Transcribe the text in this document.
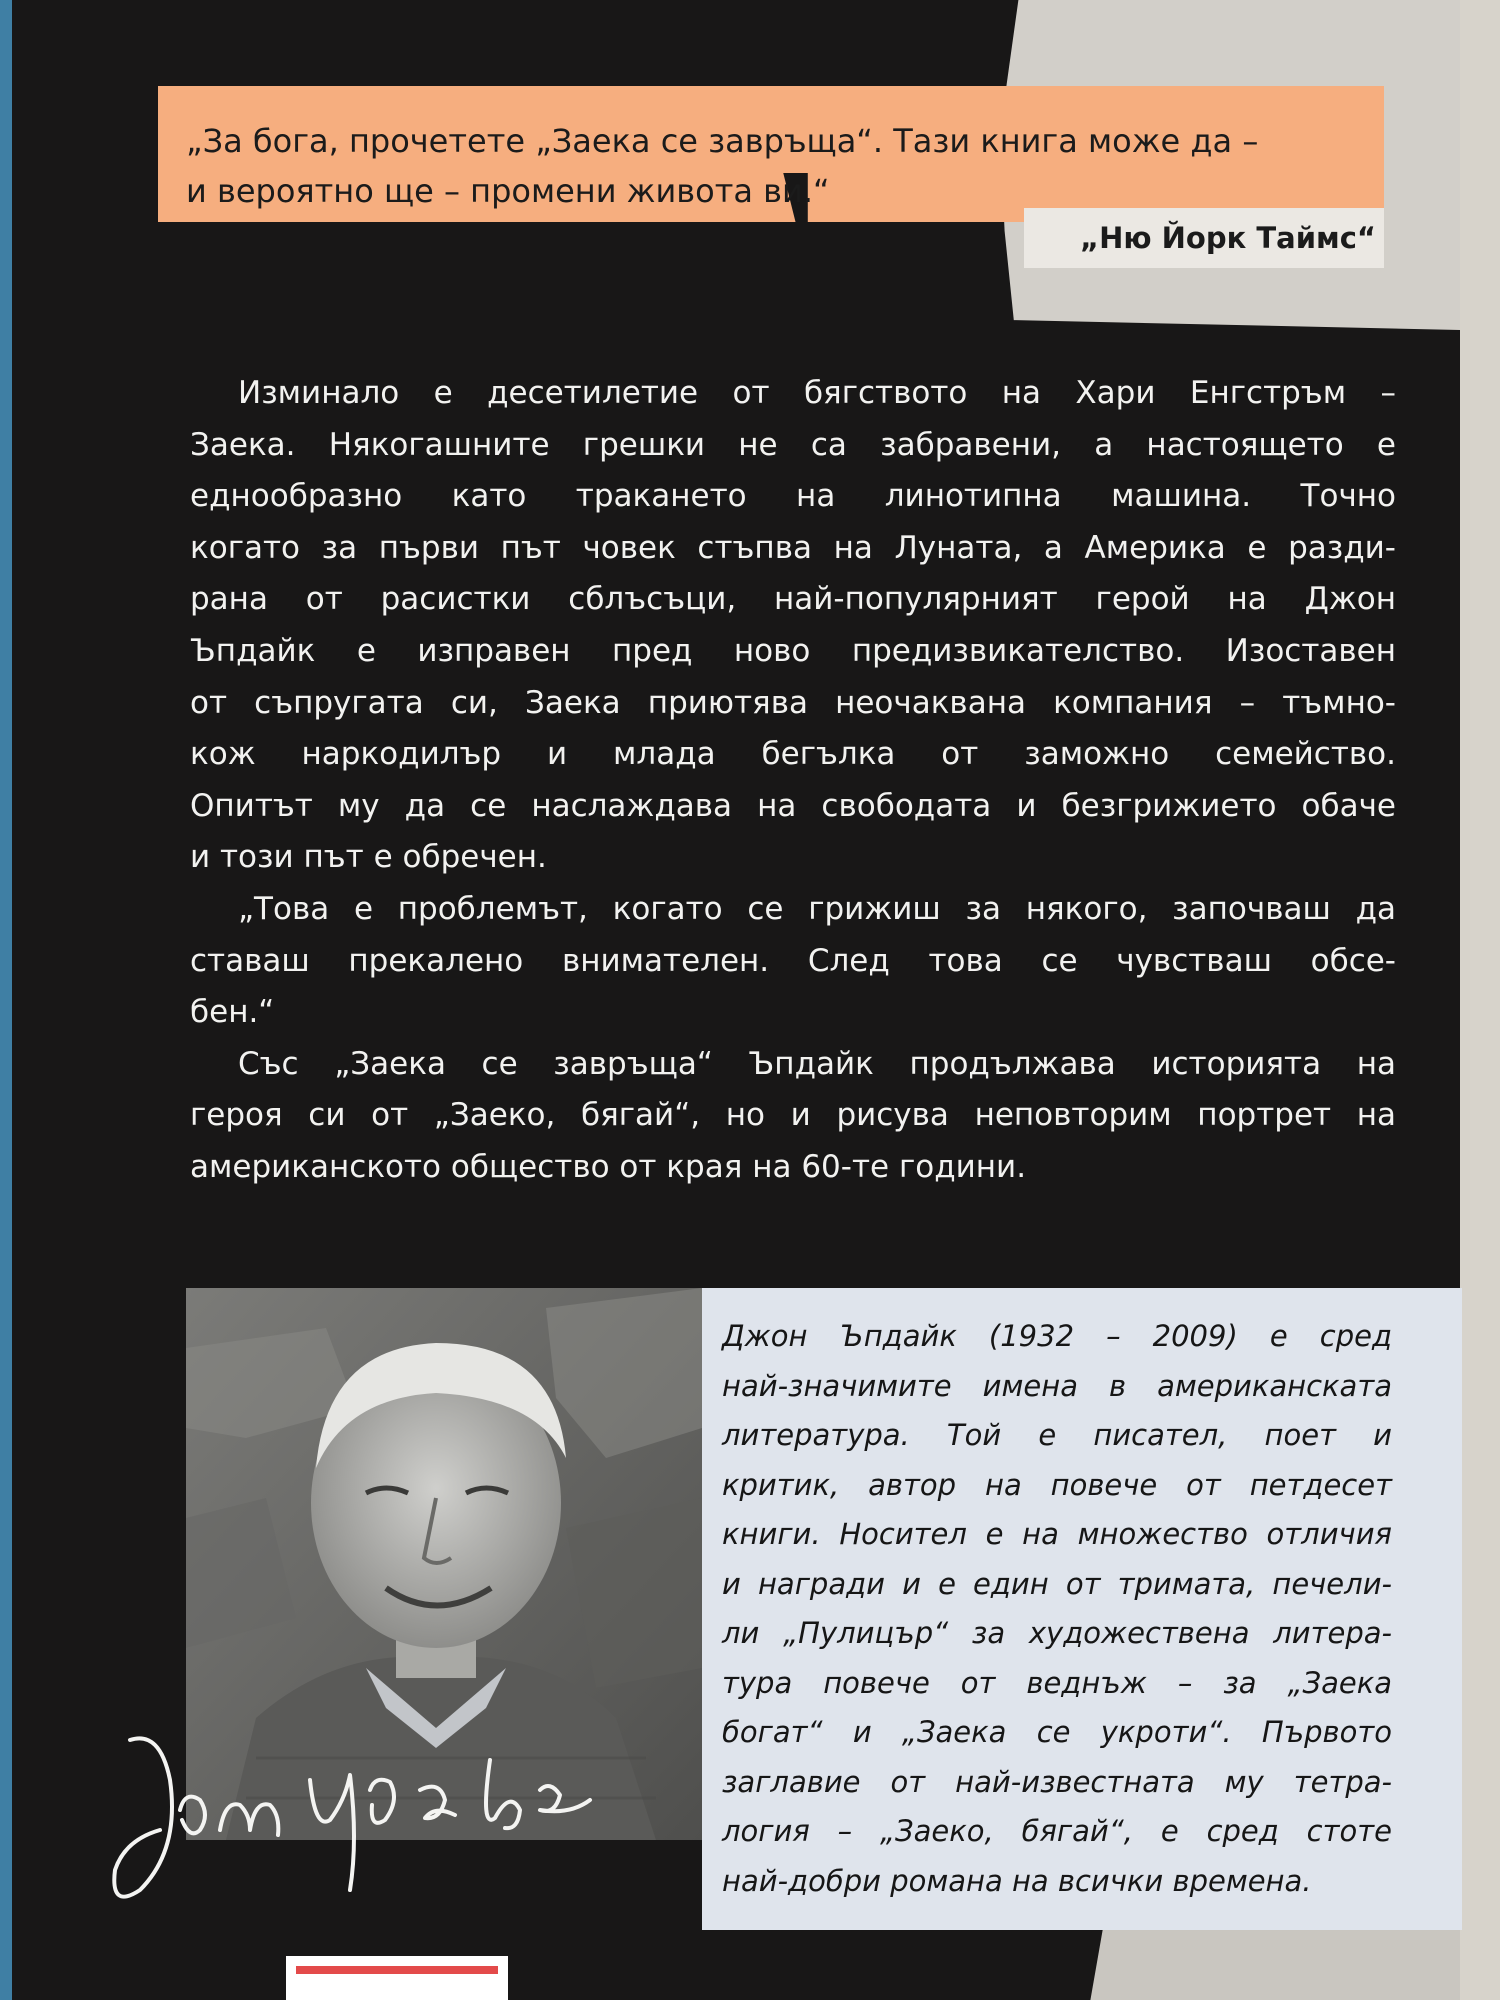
„За бога, прочетете „Заека се завръща“. Тази книга може да –
и вероятно ще – промени живота ви.“
„Ню Йорк Таймс“
Изминало е десетилетие от бягството на Хари Енгстръм –
Заека. Някогашните грешки не са забравени, а настоящето е
еднообразно като тракането на линотипна машина. Точно
когато за първи път човек стъпва на Луната, а Америка е разди-
рана от расистки сблъсъци, най-популярният герой на Джон
Ъпдайк е изправен пред ново предизвикателство. Изоставен
от съпругата си, Заека приютява неочаквана компания – тъмно-
кож наркодилър и млада бегълка от заможно семейство.
Опитът му да се наслаждава на свободата и безгрижието обаче
и този път е обречен.
„Това е проблемът, когато се грижиш за някого, започваш да
ставаш прекалено внимателен. След това се чувстваш обсе-
бен.“
Със „Заека се завръща“ Ъпдайк продължава историята на
героя си от „Заеко, бягай“, но и рисува неповторим портрет на
американското общество от края на 60-те години.
Джон Ъпдайк (1932 – 2009) е сред
най-значимите имена в американската
литература. Той е писател, поет и
критик, автор на повече от петдесет
книги. Носител е на множество отличия
и награди и е един от тримата, печели-
ли „Пулицър“ за художествена литера-
тура повече от веднъж – за „Заека
богат“ и „Заека се укроти“. Първото
заглавие от най-известната му тетра-
логия – „Заеко, бягай“, е сред стоте
най-добри романа на всички времена.
